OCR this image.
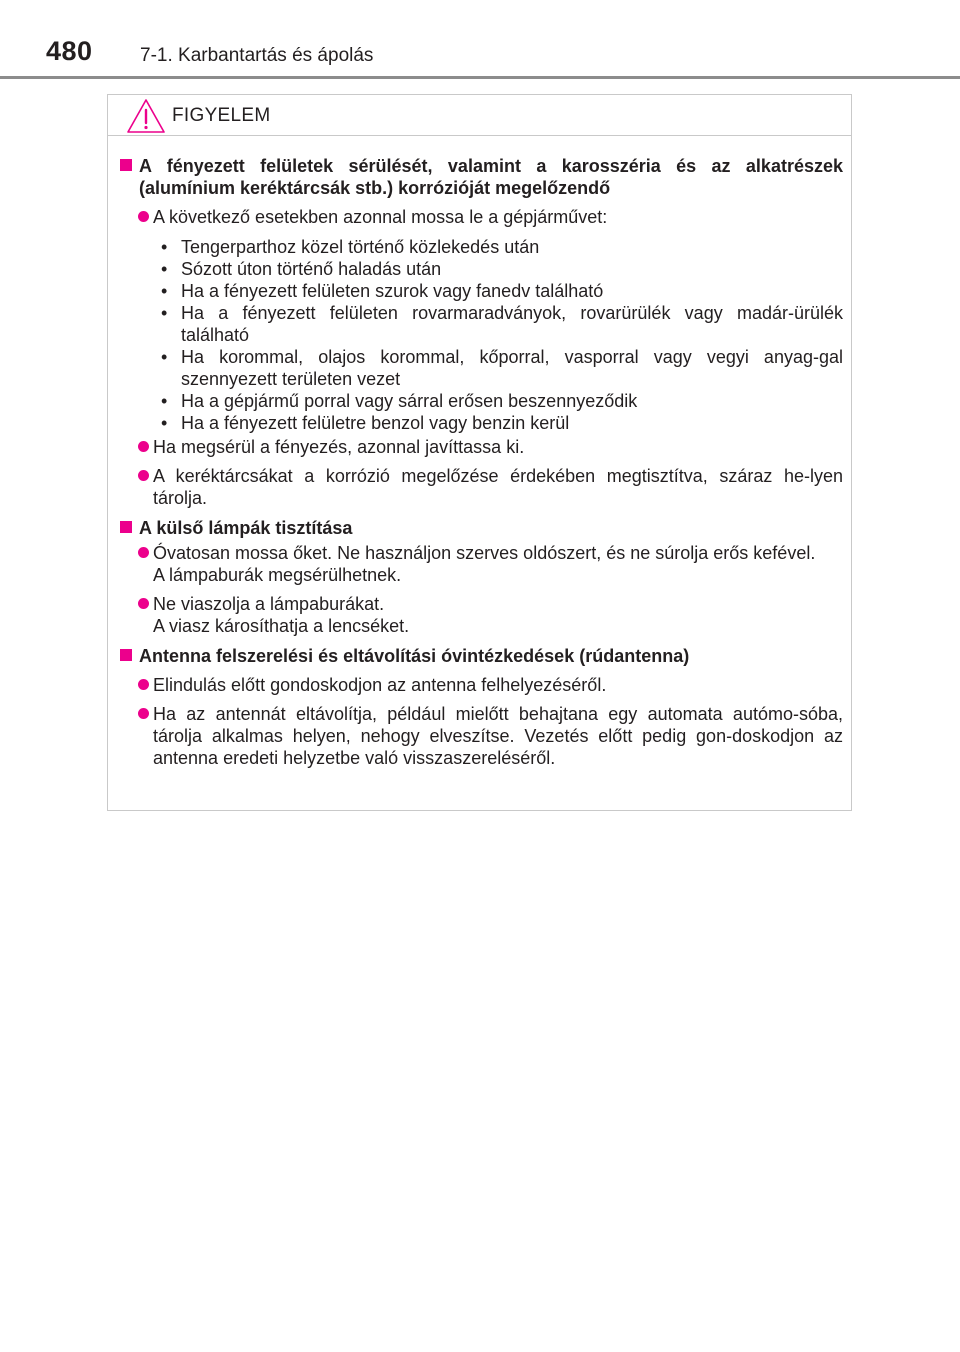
480 7-1. Karbantartás és ápolás
FIGYELEM
A fényezett felületek sérülését, valamint a karosszéria és az alkatrészek (alumínium keréktárcsák stb.) korrózióját megelőzendő
A következő esetekben azonnal mossa le a gépjárművet:
• Tengerparthoz közel történő közlekedés után
• Sózott úton történő haladás után
• Ha a fényezett felületen szurok vagy fanedv található
• Ha a fényezett felületen rovarmaradványok, rovarürülék vagy madár-ürülék található
• Ha korommal, olajos korommal, kőporral, vasporral vagy vegyi anyag-gal szennyezett területen vezet
• Ha a gépjármű porral vagy sárral erősen beszennyeződik
• Ha a fényezett felületre benzol vagy benzin kerül
Ha megsérül a fényezés, azonnal javíttassa ki.
A keréktárcsákat a korrózió megelőzése érdekében megtisztítva, száraz he-lyen tárolja.
A külső lámpák tisztítása
Óvatosan mossa őket. Ne használjon szerves oldószert, és ne súrolja erős kefével.
A lámpaburák megsérülhetnek.
Ne viaszolja a lámpaburákat.
A viasz károsíthatja a lencséket.
Antenna felszerelési és eltávolítási óvintézkedések (rúdantenna)
Elindulás előtt gondoskodjon az antenna felhelyezéséről.
Ha az antennát eltávolítja, például mielőtt behajtana egy automata autómo-sóba, tárolja alkalmas helyen, nehogy elveszítse. Vezetés előtt pedig gon-doskodjon az antenna eredeti helyzetbe való visszaszereléséről.
